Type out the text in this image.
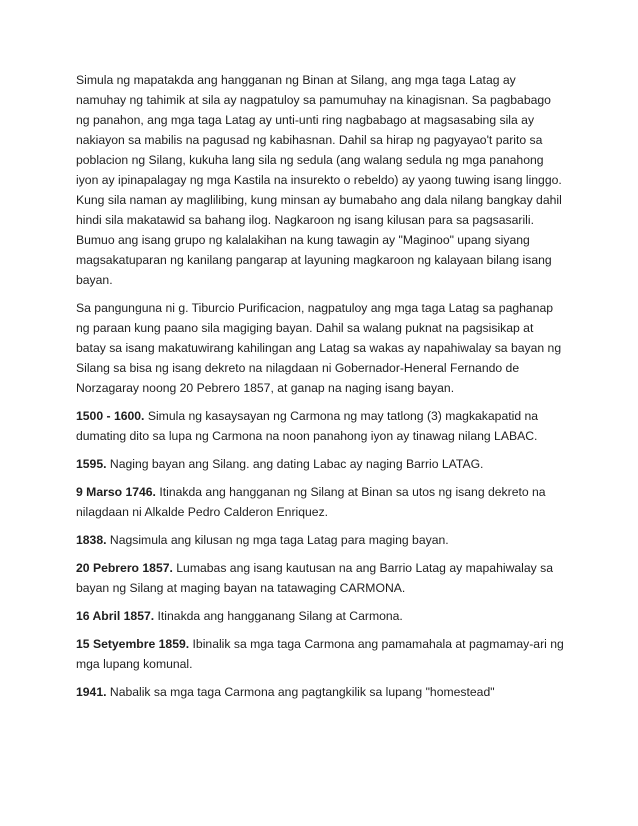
Simula ng mapatakda ang hangganan ng Binan at Silang, ang mga taga Latag ay namuhay ng tahimik at sila ay nagpatuloy sa pamumuhay na kinagisnan. Sa pagbabago ng panahon, ang mga taga Latag ay unti-unti ring nagbabago at magsasabing sila ay nakiayon sa mabilis na pagusad ng kabihasnan. Dahil sa hirap ng pagyayao't parito sa poblacion ng Silang, kukuha lang sila ng sedula (ang walang sedula ng mga panahong iyon ay ipinapalagay ng mga Kastila na insurekto o rebeldo) ay yaong tuwing isang linggo. Kung sila naman ay maglilibing, kung minsan ay bumabaho ang dala nilang bangkay dahil hindi sila makatawid sa bahang ilog. Nagkaroon ng isang kilusan para sa pagsasarili. Bumuo ang isang grupo ng kalalakihan na kung tawagin ay "Maginoo" upang siyang magsakatuparan ng kanilang pangarap at layuning magkaroon ng kalayaan bilang isang bayan.

Sa pangunguna ni g. Tiburcio Purificacion, nagpatuloy ang mga taga Latag sa paghanap ng paraan kung paano sila magiging bayan. Dahil sa walang puknat na pagsisikap at batay sa isang makatuwirang kahilingan ang Latag sa wakas ay napahiwalay sa bayan ng Silang sa bisa ng isang dekreto na nilagdaan ni Gobernador-Heneral Fernando de Norzagaray noong 20 Pebrero 1857, at ganap na naging isang bayan.

1500 - 1600. Simula ng kasaysayan ng Carmona ng may tatlong (3) magkakapatid na dumating dito sa lupa ng Carmona na noon panahong iyon ay tinawag nilang LABAC.

1595. Naging bayan ang Silang. ang dating Labac ay naging Barrio LATAG.

9 Marso 1746. Itinakda ang hangganan ng Silang at Binan sa utos ng isang dekreto na nilagdaan ni Alkalde Pedro Calderon Enriquez.

1838. Nagsimula ang kilusan ng mga taga Latag para maging bayan.

20 Pebrero 1857. Lumabas ang isang kautusan na ang Barrio Latag ay mapahiwalay sa bayan ng Silang at maging bayan na tatawaging CARMONA.

16 Abril 1857. Itinakda ang hangganang Silang at Carmona.

15 Setyembre 1859. Ibinalik sa mga taga Carmona ang pamamahala at pagmamay-ari ng mga lupang komunal.

1941. Nabalik sa mga taga Carmona ang pagtangkilik sa lupang "homestead"
